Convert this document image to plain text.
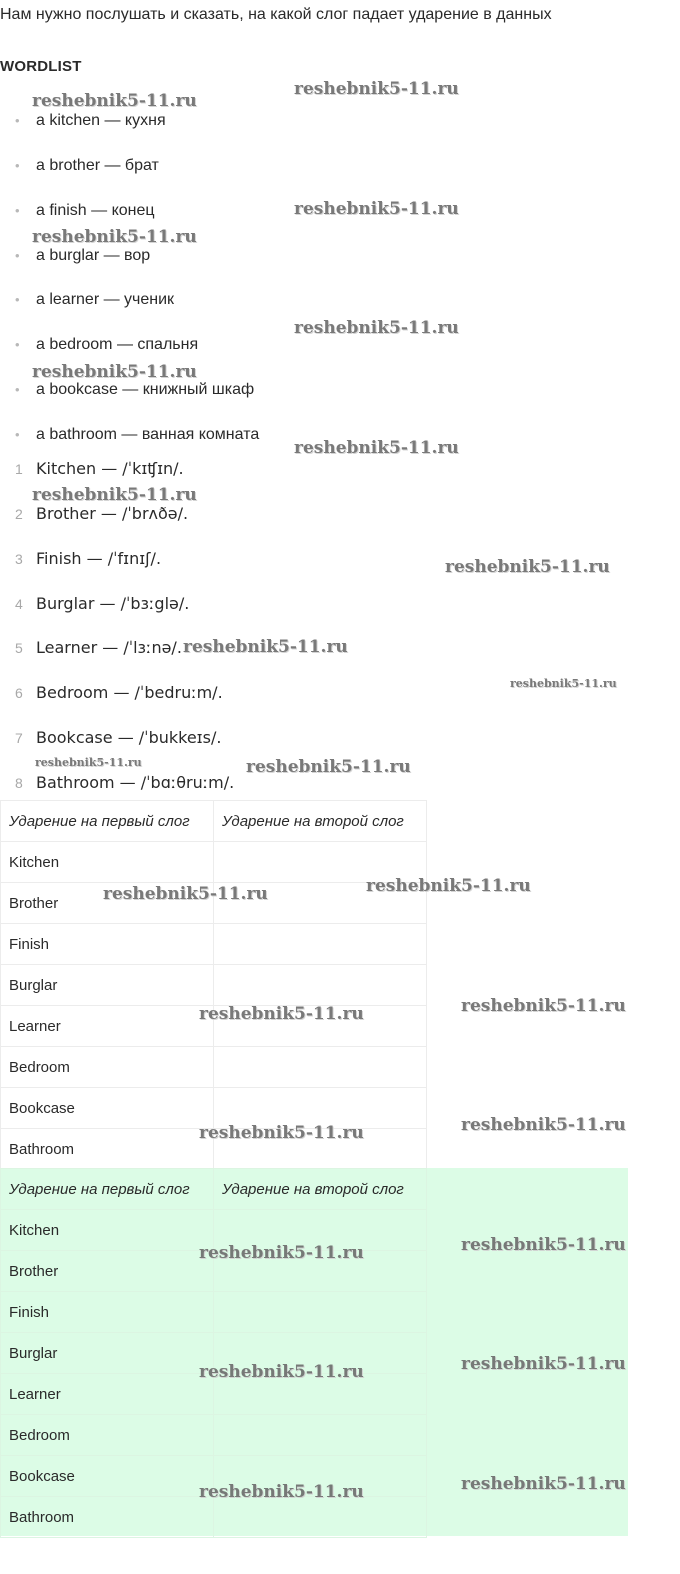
Нам нужно послушать и сказать, на какой слог падает ударение в данных
WORDLIST
• a kitchen — кухня
• a brother — брат
• a finish — конец
• a burglar — вор
• a learner — ученик
• a bedroom — спальня
• a bookcase — книжный шкаф
• a bathroom — ванная комната
1 Kitchen — /ˈkɪʧɪn/.
2 Brother — /ˈbrʌðə/.
3 Finish — /ˈfɪnɪʃ/.
4 Burglar — /ˈbɜːglə/.
5 Learner — /ˈlɜːnə/.
6 Bedroom — /ˈbedruːm/.
7 Bookcase — /ˈbukkeɪs/.
8 Bathroom — /ˈbɑːθruːm/.
Ударение на первый слог	Ударение на второй слог
Kitchen	
Brother	
Finish	
Burglar	
Learner	
Bedroom	
Bookcase	
Bathroom	
Ударение на первый слог	Ударение на второй слог
Kitchen	
Brother	
Finish	
Burglar	
Learner	
Bedroom	
Bookcase	
Bathroom	
reshebnik5-11.ru
reshebnik5-11.ru
reshebnik5-11.ru
reshebnik5-11.ru
reshebnik5-11.ru
reshebnik5-11.ru
reshebnik5-11.ru
reshebnik5-11.ru
reshebnik5-11.ru
reshebnik5-11.ru
reshebnik5-11.ru
reshebnik5-11.ru	reshebnik5-11.ru
reshebnik5-11.ru
reshebnik5-11.ru
reshebnik5-11.ru
reshebnik5-11.ru
reshebnik5-11.ru
reshebnik5-11.ru
reshebnik5-11.ru
reshebnik5-11.ru
reshebnik5-11.ru
reshebnik5-11.ru
reshebnik5-11.ru
reshebnik5-11.ru
